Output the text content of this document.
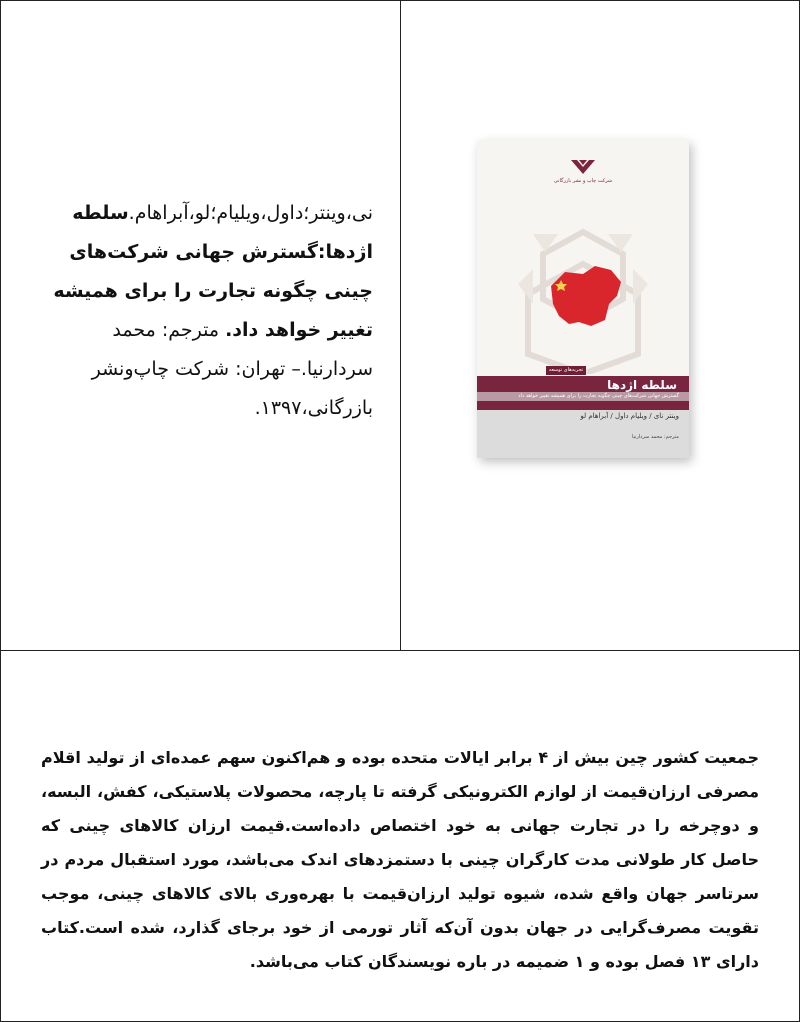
نی،وینتر؛داول،ویلیام؛لو،آبراهام.سلطه اژدها:گسترش جهانی شرکت‌های چینی چگونه تجارت را برای همیشه تغییر خواهد داد. مترجم: محمد سردارنیا.– تهران: شرکت چاپ‌ونشر بازرگانی،۱۳۹۷.
شرکت چاپ و نشر بازرگانی
تجربه‌های توسعه
سلطه اژدها
گسترش جهانی شرکت‌های چینی چگونه تجارت را برای همیشه تغییر خواهد داد
وینتر نای / ویلیام داول / آبراهام لو
مترجم: محمد سردارنیا
جمعیت کشور چین بیش از ۴ برابر ایالات متحده بوده و هم‌اکنون سهم عمده‌ای از تولید اقلام مصرفی ارزان‌قیمت از لوازم الکترونیکی گرفته تا پارچه، محصولات پلاستیکی، کفش، البسه، و دوچرخه را در تجارت جهانی به خود اختصاص داده‌است.قیمت ارزان کالاهای چینی که حاصل کار طولانی مدت کارگران چینی با دستمزدهای اندک می‌باشد، مورد استقبال مردم در سرتاسر جهان واقع شده، شیوه تولید ارزان‌قیمت با بهره‌وری بالای کالاهای چینی، موجب تقویت مصرف‌گرایی در جهان بدون آن‌که آثار تورمی از خود برجای گذارد، شده است.کتاب دارای ۱۳ فصل بوده و ۱ ضمیمه در باره نویسندگان کتاب می‌باشد.
